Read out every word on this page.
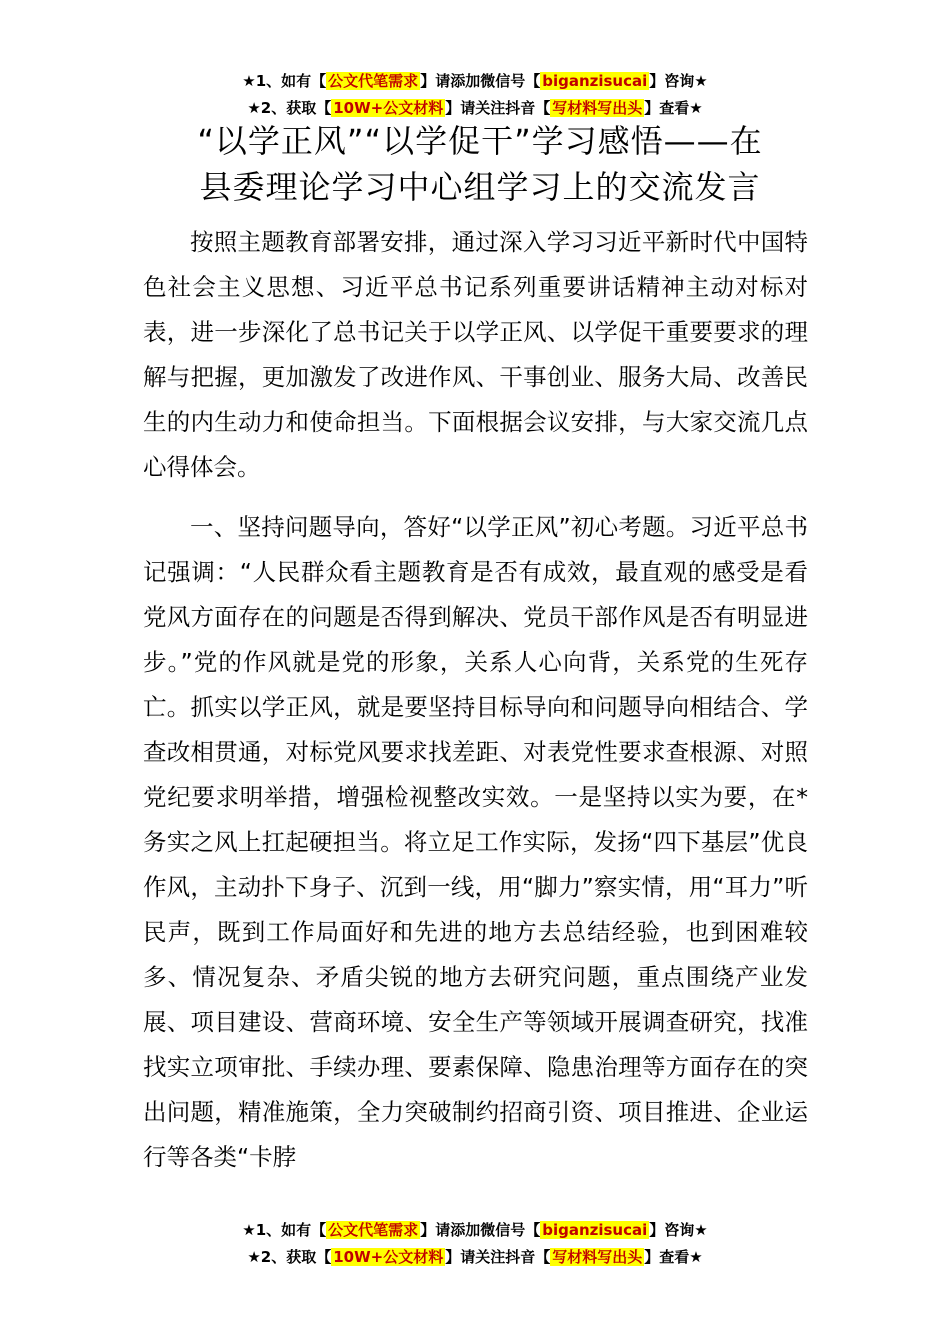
★1、如有【 公文代笔需求 】请添加微信号【 biganzisucai 】咨询★
★2、获取【 10W+公文材料 】请关注抖音【 写材料写出头 】查看★
“以学正风”“以学促干”学习感悟——在
县委理论学习中心组学习上的交流发言

按照主题教育部署安排，通过深入学习习近平新时代中国特色社会主义思想、习近平总书记系列重要讲话精神主动对标对表，进一步深化了总书记关于以学正风、以学促干重要要求的理解与把握，更加激发了改进作风、干事创业、服务大局、改善民生的内生动力和使命担当。下面根据会议安排，与大家交流几点心得体会。

一、坚持问题导向，答好“以学正风”初心考题。习近平总书记强调：“人民群众看主题教育是否有成效，最直观的感受是看党风方面存在的问题是否得到解决、党员干部作风是否有明显进步。”党的作风就是党的形象，关系人心向背，关系党的生死存亡。抓实以学正风，就是要坚持目标导向和问题导向相结合、学查改相贯通，对标党风要求找差距、对表党性要求查根源、对照党纪要求明举措，增强检视整改实效。一是坚持以实为要，在*务实之风上扛起硬担当。将立足工作实际，发扬“四下基层”优良作风，主动扑下身子、沉到一线，用“脚力”察实情，用“耳力”听民声，既到工作局面好和先进的地方去总结经验，也到困难较多、情况复杂、矛盾尖锐的地方去研究问题，重点围绕产业发展、项目建设、营商环境、安全生产等领域开展调查研究，找准找实立项审批、手续办理、要素保障、隐患治理等方面存在的突出问题，精准施策，全力突破制约招商引资、项目推进、企业运行等各类“卡脖

★1、如有【 公文代笔需求 】请添加微信号【 biganzisucai 】咨询★
★2、获取【 10W+公文材料 】请关注抖音【 写材料写出头 】查看★
